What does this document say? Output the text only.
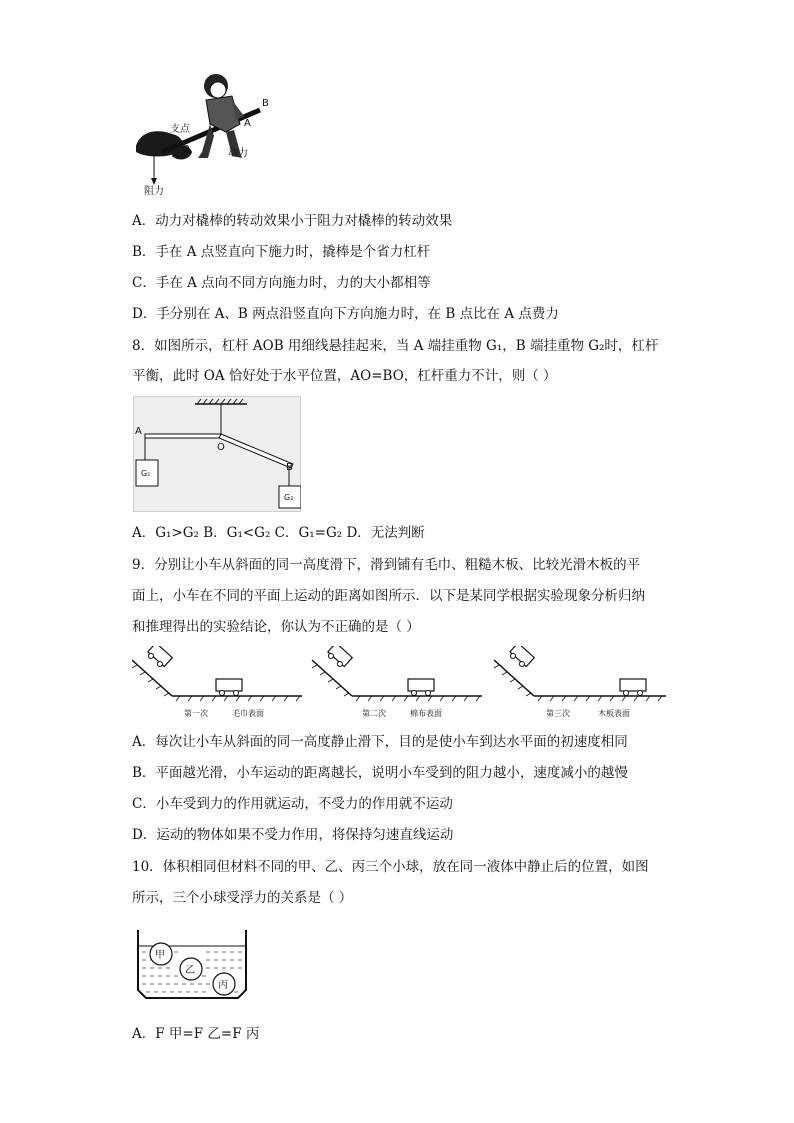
B
A
支点
O	动力
阻力
A．动力对橇棒的转动效果小于阻力对橇棒的转动效果
B．手在 A 点竖直向下施力时，撬棒是个省力杠杆
C．手在 A 点向不同方向施力时，力的大小都相等
D．手分别在 A、B 两点沿竖直向下方向施力时，在 B 点比在 A 点费力
8．如图所示，杠杆 AOB 用细线悬挂起来，当 A 端挂重物 G₁，B 端挂重物 G₂时，杠杆
平衡，此时 OA 恰好处于水平位置，AO=BO，杠杆重力不计，则（ ）
A
O
B
G₁
G₂
A．G₁>G₂ B．G₁<G₂ C．G₁=G₂ D．无法判断
9．分别让小车从斜面的同一高度滑下，滑到铺有毛巾、粗糙木板、比较光滑木板的平
面上，小车在不同的平面上运动的距离如图所示．以下是某同学根据实验现象分析归纳
和推理得出的实验结论，你认为不正确的是（ ）
第一次	毛巾表面	第二次	棉布表面	第三次	木板表面
A．每次让小车从斜面的同一高度静止滑下，目的是使小车到达水平面的初速度相同
B．平面越光滑，小车运动的距离越长，说明小车受到的阻力越小，速度减小的越慢
C．小车受到力的作用就运动，不受力的作用就不运动
D．运动的物体如果不受力作用，将保持匀速直线运动
10．体积相同但材料不同的甲、乙、丙三个小球，放在同一液体中静止后的位置，如图
所示，三个小球受浮力的关系是（ ）
甲
乙
丙
A．F 甲=F 乙=F 丙
